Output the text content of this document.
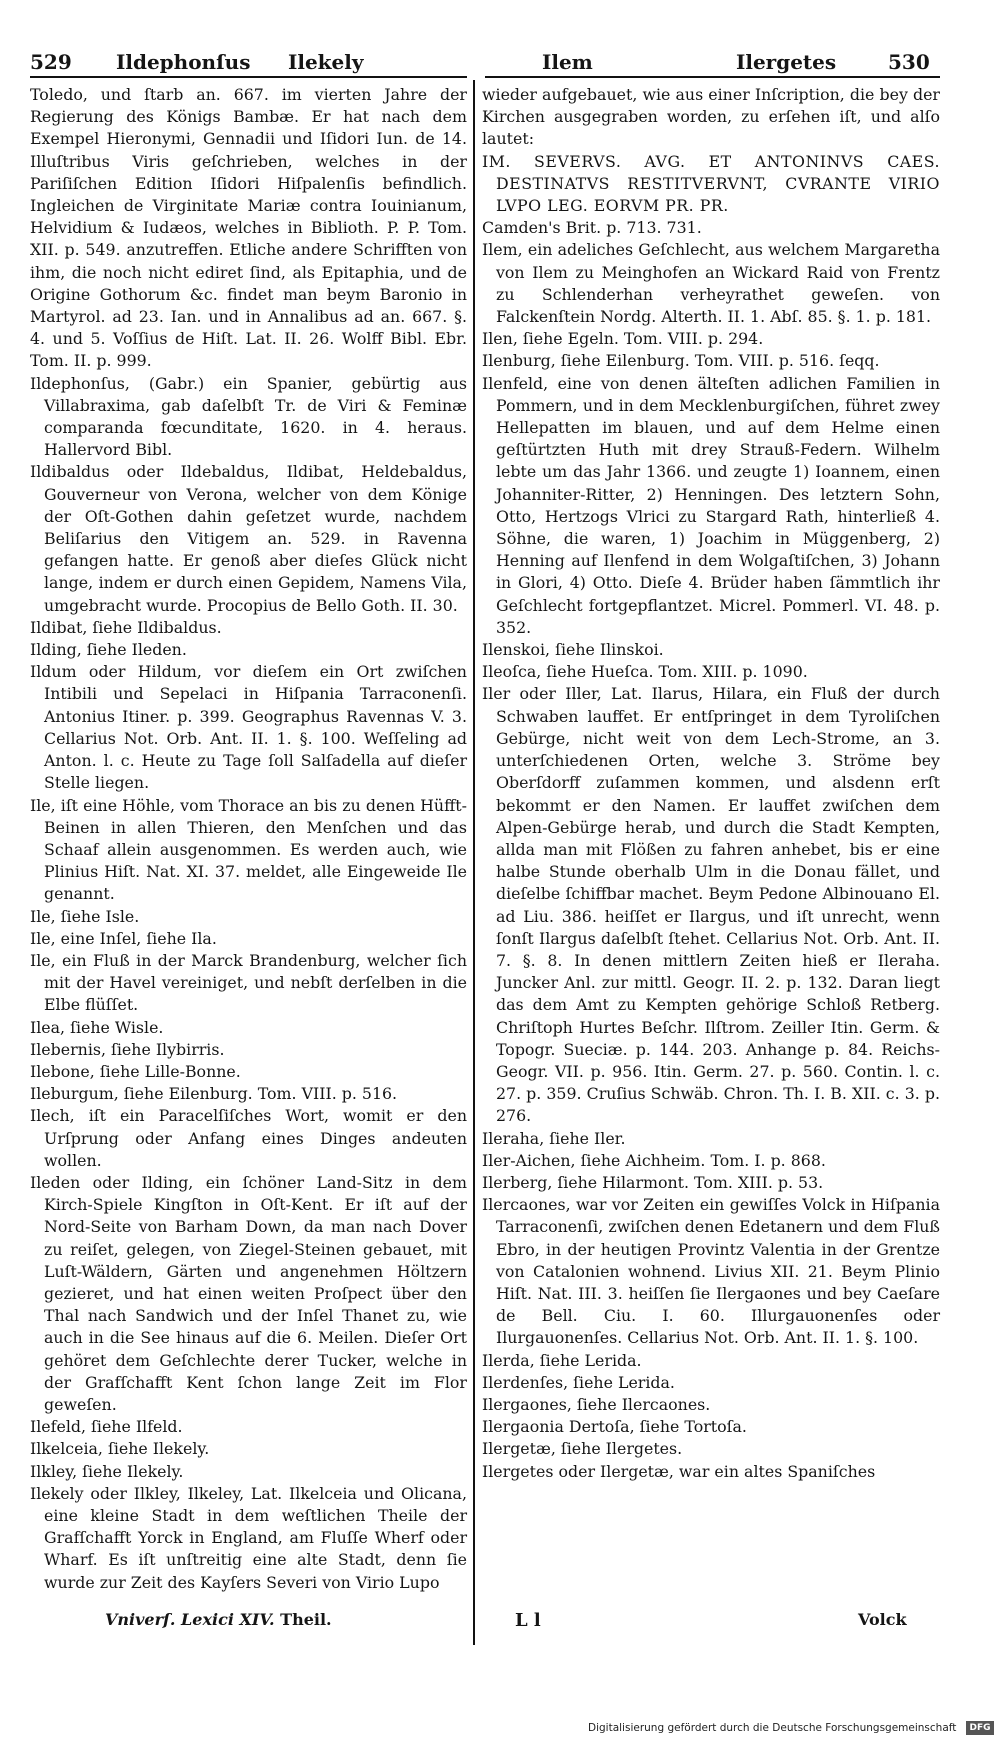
529 Ildephonſus Ilekely	Ilem	Ilergetes	530

Toledo, und ſtarb an. 667. im vierten Jahre der Regierung des Königs Bambæ. Er hat nach dem Exempel Hieronymi, Gennadii und Iſidori Iun. de 14. Illuſtribus Viris geſchrieben, welches in der Pariſiſchen Edition Iſidori Hiſpalenſis befindlich. Ingleichen de Virginitate Mariæ contra Iouinianum, Helvidium & Iudæos, welches in Biblioth. P. P. Tom. XII. p. 549. anzutreffen. Etliche andere Schrifften von ihm, die noch nicht ediret ſind, als Epitaphia, und de Origine Gothorum &c. findet man beym Baronio in Martyrol. ad 23. Ian. und in Annalibus ad an. 667. §. 4. und 5. Voſſius de Hiſt. Lat. II. 26. Wolff Bibl. Ebr. Tom. II. p. 999.

Ildephonſus, (Gabr.) ein Spanier, gebürtig aus Villabraxima, gab daſelbſt Tr. de Viri & Feminæ comparanda fœcunditate, 1620. in 4. heraus. Hallervord Bibl.

Ildibaldus oder Ildebaldus, Ildibat, Heldebaldus, Gouverneur von Verona, welcher von dem Könige der Oſt-Gothen dahin geſetzet wurde, nachdem Beliſarius den Vitigem an. 529. in Ravenna gefangen hatte. Er genoß aber dieſes Glück nicht lange, indem er durch einen Gepidem, Namens Vila, umgebracht wurde. Procopius de Bello Goth. II. 30.

Ildibat, ſiehe Ildibaldus.

Ilding, ſiehe Ileden.

Ildum oder Hildum, vor dieſem ein Ort zwiſchen Intibili und Sepelaci in Hiſpania Tarraconenſi. Antonius Itiner. p. 399. Geographus Ravennas V. 3. Cellarius Not. Orb. Ant. II. 1. §. 100. Weſſeling ad Anton. l. c. Heute zu Tage ſoll Salſadella auf dieſer Stelle liegen.

Ile, iſt eine Höhle, vom Thorace an bis zu denen Hüfft-Beinen in allen Thieren, den Menſchen und das Schaaf allein ausgenommen. Es werden auch, wie Plinius Hiſt. Nat. XI. 37. meldet, alle Eingeweide Ile genannt.

Ile, ſiehe Isle.

Ile, eine Inſel, ſiehe Ila.

Ile, ein Fluß in der Marck Brandenburg, welcher ſich mit der Havel vereiniget, und nebſt derſelben in die Elbe flüſſet.

Ilea, ſiehe Wisle.

Ilebernis, ſiehe Ilybirris.

Ilebone, ſiehe Lille-Bonne.

Ileburgum, ſiehe Eilenburg. Tom. VIII. p. 516.

Ilech, iſt ein Paracelſiſches Wort, womit er den Urſprung oder Anfang eines Dinges andeuten wollen.

Ileden oder Ilding, ein ſchöner Land-Sitz in dem Kirch-Spiele Kingſton in Oſt-Kent. Er iſt auf der Nord-Seite von Barham Down, da man nach Dover zu reiſet, gelegen, von Ziegel-Steinen gebauet, mit Luſt-Wäldern, Gärten und angenehmen Höltzern gezieret, und hat einen weiten Proſpect über den Thal nach Sandwich und der Inſel Thanet zu, wie auch in die See hinaus auf die 6. Meilen. Dieſer Ort gehöret dem Geſchlechte derer Tucker, welche in der Grafſchafft Kent ſchon lange Zeit im Flor geweſen.

Ilefeld, ſiehe Ilfeld.

Ilkelceia, ſiehe Ilekely.

Ilkley, ſiehe Ilekely.

Ilekely oder Ilkley, Ilkeley, Lat. Ilkelceia und Olicana, eine kleine Stadt in dem weſtlichen Theile der Grafſchafft Yorck in England, am Fluſſe Wherf oder Wharf. Es iſt unſtreitig eine alte Stadt, denn ſie wurde zur Zeit des Kayſers Severi von Virio Lupo

wieder aufgebauet, wie aus einer Inſcription, die bey der Kirchen ausgegraben worden, zu erſehen iſt, und alſo lautet:

IM. SEVERVS. AVG. ET ANTONINVS CAES. DESTINATVS RESTITVERVNT, CVRANTE VIRIO LVPO LEG. EORVM PR. PR.

Camden's Brit. p. 713. 731.

Ilem, ein adeliches Geſchlecht, aus welchem Margaretha von Ilem zu Meinghofen an Wickard Raid von Frentz zu Schlenderhan verheyrathet geweſen. von Falckenſtein Nordg. Alterth. II. 1. Abſ. 85. §. 1. p. 181.

Ilen, ſiehe Egeln. Tom. VIII. p. 294.

Ilenburg, ſiehe Eilenburg. Tom. VIII. p. 516. ſeqq.

Ilenfeld, eine von denen älteſten adlichen Familien in Pommern, und in dem Mecklenburgiſchen, führet zwey Hellepatten im blauen, und auf dem Helme einen geſtürtzten Huth mit drey Strauß-Federn. Wilhelm lebte um das Jahr 1366. und zeugte 1) Ioannem, einen Johanniter-Ritter, 2) Henningen. Des letztern Sohn, Otto, Hertzogs Vlrici zu Stargard Rath, hinterließ 4. Söhne, die waren, 1) Joachim in Müggenberg, 2) Henning auf Ilenfend in dem Wolgaſtiſchen, 3) Johann in Glori, 4) Otto. Dieſe 4. Brüder haben ſämmtlich ihr Geſchlecht fortgepflantzet. Micrel. Pommerl. VI. 48. p. 352.

Ilenskoi, ſiehe Ilinskoi.

Ileoſca, ſiehe Hueſca. Tom. XIII. p. 1090.

Iler oder Iller, Lat. Ilarus, Hilara, ein Fluß der durch Schwaben lauffet. Er entſpringet in dem Tyroliſchen Gebürge, nicht weit von dem Lech-Strome, an 3. unterſchiedenen Orten, welche 3. Ströme bey Oberſdorff zuſammen kommen, und alsdenn erſt bekommt er den Namen. Er lauffet zwiſchen dem Alpen-Gebürge herab, und durch die Stadt Kempten, allda man mit Flößen zu fahren anhebet, bis er eine halbe Stunde oberhalb Ulm in die Donau fället, und dieſelbe ſchiffbar machet. Beym Pedone Albinouano El. ad Liu. 386. heiſſet er Ilargus, und iſt unrecht, wenn ſonſt Ilargus daſelbſt ſtehet. Cellarius Not. Orb. Ant. II. 7. §. 8. In denen mittlern Zeiten hieß er Ileraha. Juncker Anl. zur mittl. Geogr. II. 2. p. 132. Daran liegt das dem Amt zu Kempten gehörige Schloß Retberg. Chriſtoph Hurtes Beſchr. Ilſtrom. Zeiller Itin. Germ. & Topogr. Sueciæ. p. 144. 203. Anhange p. 84. Reichs-Geogr. VII. p. 956. Itin. Germ. 27. p. 560. Contin. l. c. 27. p. 359. Cruſius Schwäb. Chron. Th. I. B. XII. c. 3. p. 276.

Ileraha, ſiehe Iler.

Iler-Aichen, ſiehe Aichheim. Tom. I. p. 868.

Ilerberg, ſiehe Hilarmont. Tom. XIII. p. 53.

Ilercaones, war vor Zeiten ein gewiſſes Volck in Hiſpania Tarraconenſi, zwiſchen denen Edetanern und dem Fluß Ebro, in der heutigen Provintz Valentia in der Grentze von Catalonien wohnend. Livius XII. 21. Beym Plinio Hiſt. Nat. III. 3. heiſſen ſie Ilergaones und bey Caeſare de Bell. Ciu. I. 60. Illurgauonenſes oder Ilurgauonenſes. Cellarius Not. Orb. Ant. II. 1. §. 100.

Ilerda, ſiehe Lerida.

Ilerdenſes, ſiehe Lerida.

Ilergaones, ſiehe Ilercaones.

Ilergaonia Dertoſa, ſiehe Tortoſa.

Ilergetæ, ſiehe Ilergetes.

Ilergetes oder Ilergetæ, war ein altes Spaniſches

Vniverſ. Lexici XIV. Theil.	L l	Volck
Digitalisierung gefördert durch die Deutsche Forschungsgemeinschaft	DFG
